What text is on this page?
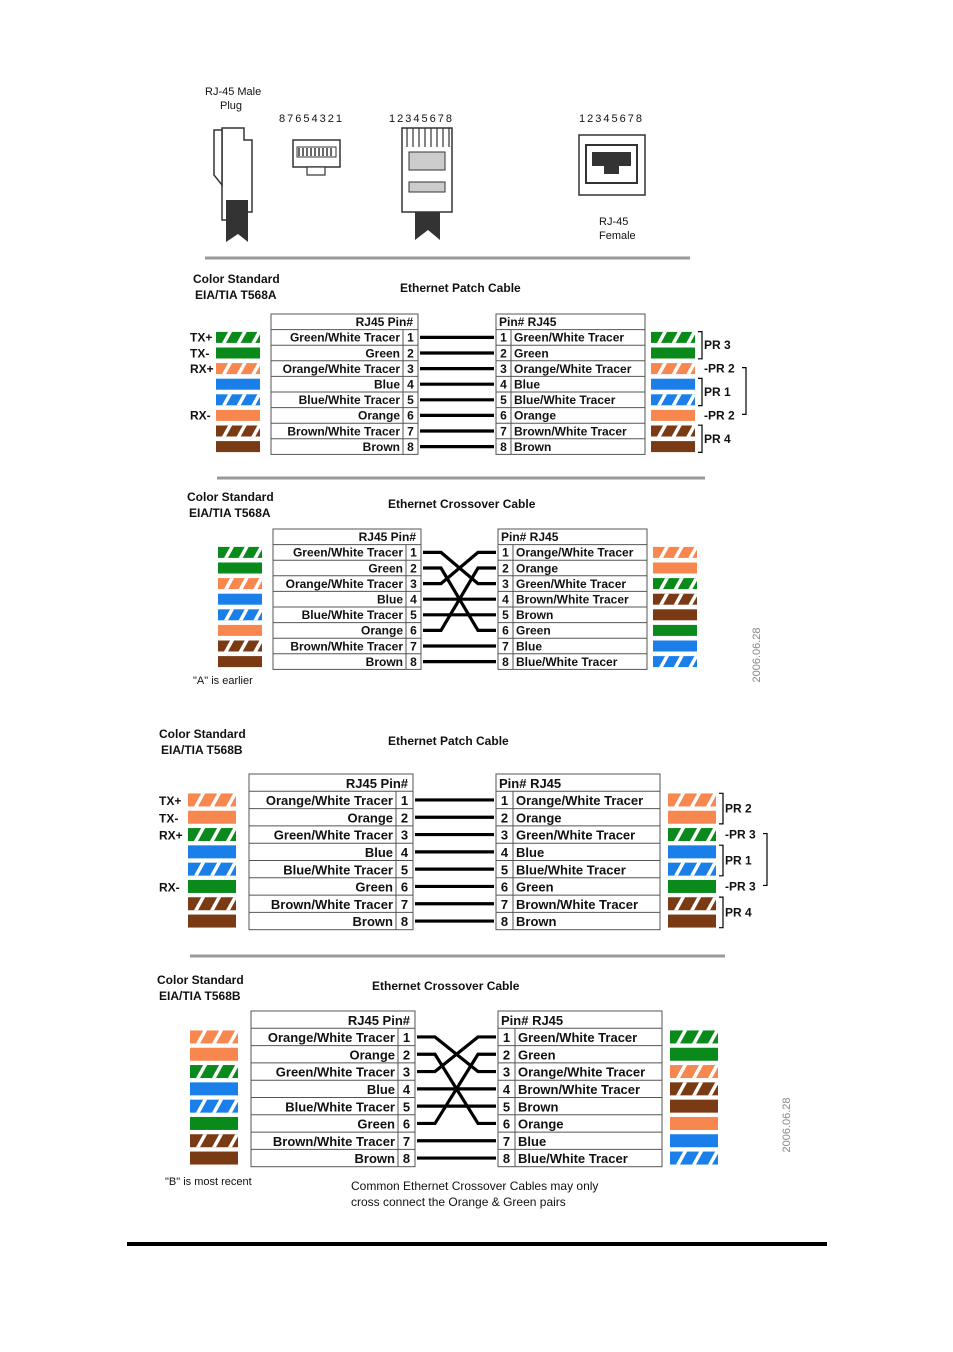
RJ-45 Male
Plug
87654321	12345678	12345678
RJ-45
Female
Color Standard
EIA/TIA T568A	Ethernet Patch Cable
RJ45 Pin#	Pin# RJ45
Green/White Tracer 1	1 Green/White Tracer
TX+
Green 2	2 Green
TX-
Orange/White Tracer 3	3 Orange/White Tracer
RX+
Blue 4	4 Blue
Blue/White Tracer 5	5 Blue/White Tracer
Orange 6	6 Orange
RX-
Brown/White Tracer 7	7 Brown/White Tracer
Brown 8	8 Brown
PR 3
-PR 2
PR 1
-PR 2
PR 4
Color Standard
EIA/TIA T568A
Ethernet Crossover Cable
RJ45 Pin#	Pin# RJ45
Green/White Tracer 1	1 Orange/White Tracer
Green 2	2 Orange
Orange/White Tracer 3	3 Green/White Tracer
Blue 4	4 Brown/White Tracer
Blue/White Tracer 5	5 Brown
Orange 6	6 Green
Brown/White Tracer 7	7 Blue
Brown 8	8 Blue/White Tracer
"A" is earlier	2006.06.28
Color Standard
EIA/TIA T568B
Ethernet Patch Cable
RJ45 Pin#	Pin# RJ45
Orange/White Tracer 1	1 Orange/White Tracer
TX+
Orange 2	2 Orange
TX-
Green/White Tracer 3	3 Green/White Tracer
RX+
Blue 4	4 Blue
Blue/White Tracer 5	5 Blue/White Tracer
Green 6	6 Green
RX-
Brown/White Tracer 7	7 Brown/White Tracer
Brown 8	8 Brown
PR 2
-PR 3
PR 1
-PR 3
PR 4
Color Standard
EIA/TIA T568B
Ethernet Crossover Cable
RJ45 Pin#	Pin# RJ45
Orange/White Tracer 1	1 Green/White Tracer
Orange 2	2 Green
Green/White Tracer 3	3 Orange/White Tracer
Blue 4	4 Brown/White Tracer
Blue/White Tracer 5	5 Brown
Green 6	6 Orange
Brown/White Tracer 7	7 Blue
Brown 8	8 Blue/White Tracer
"B" is most recent
2006.06.28
Common Ethernet Crossover Cables may only
cross connect the Orange & Green pairs
